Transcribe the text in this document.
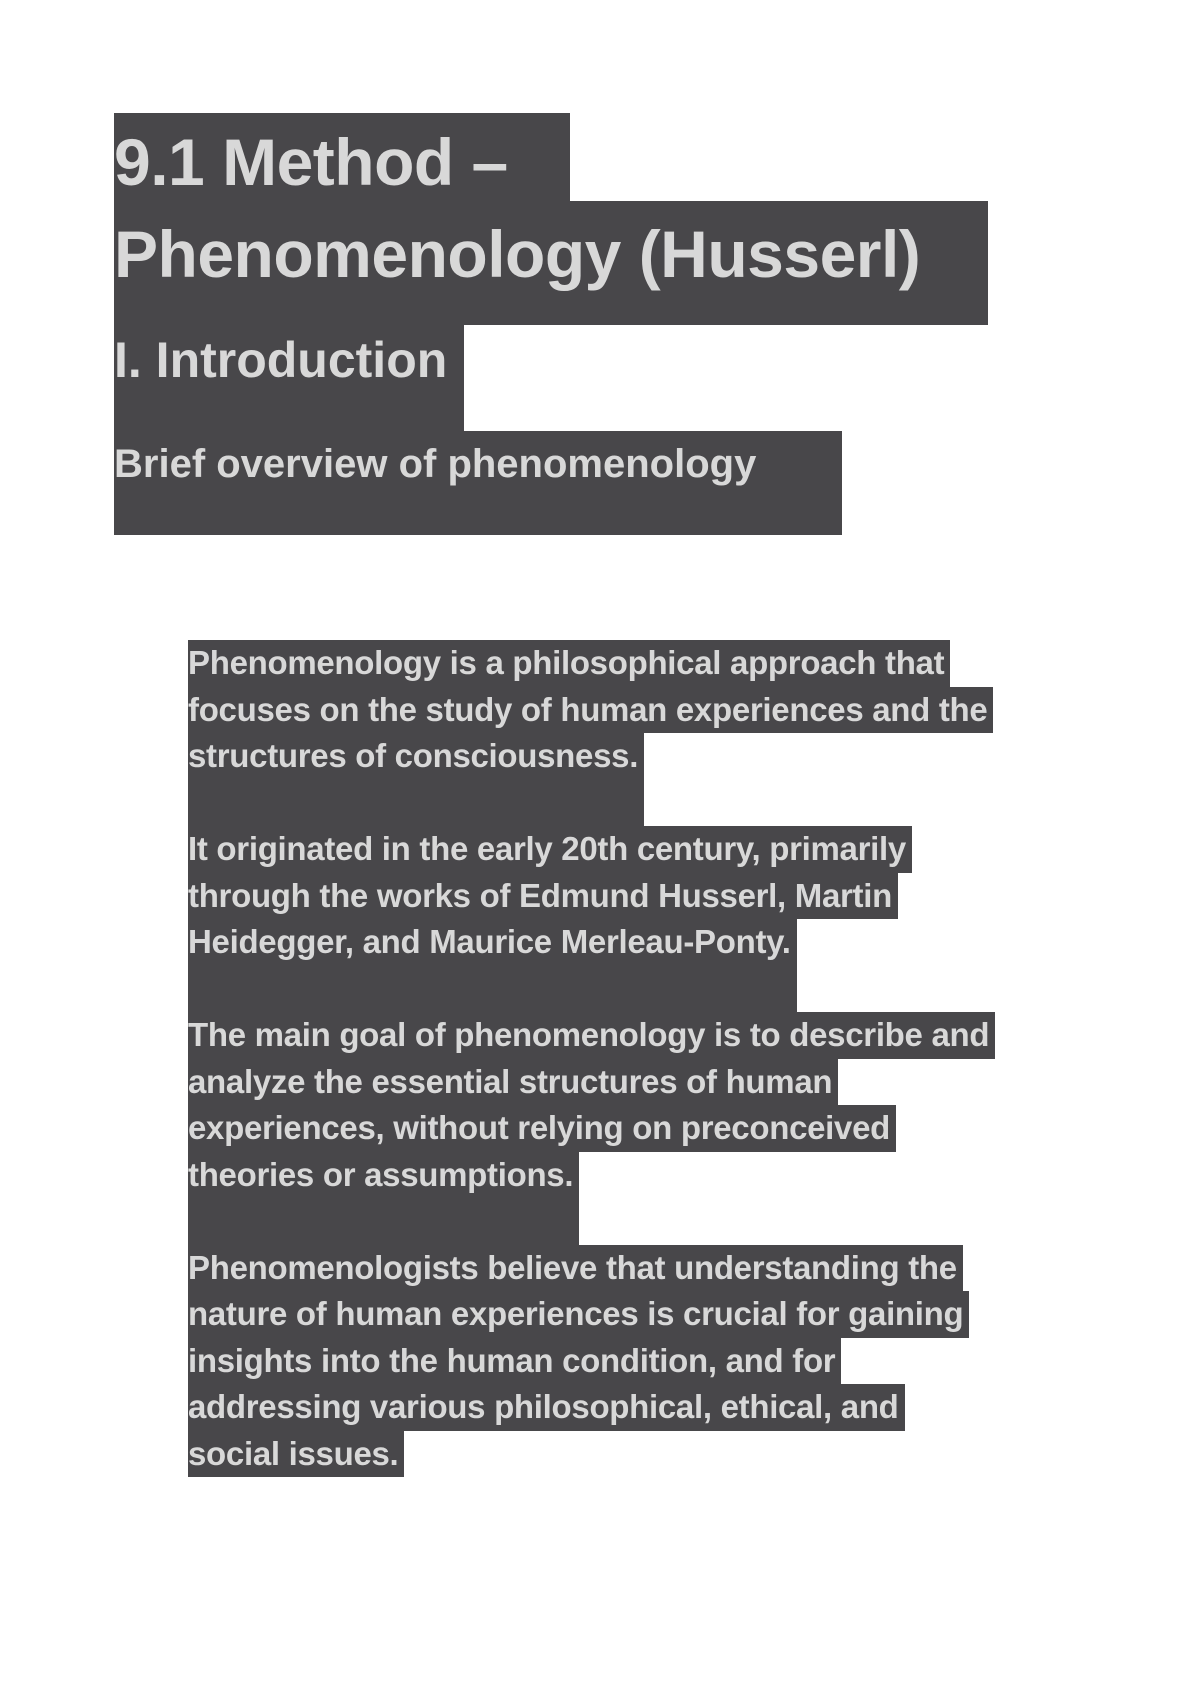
9.1 Method –
Phenomenology (Husserl)
I. Introduction
Brief overview of phenomenology

Phenomenology is a philosophical approach that
focuses on the study of human experiences and the
structures of consciousness.

It originated in the early 20th century, primarily
through the works of Edmund Husserl, Martin
Heidegger, and Maurice Merleau-Ponty.

The main goal of phenomenology is to describe and
analyze the essential structures of human
experiences, without relying on preconceived
theories or assumptions.

Phenomenologists believe that understanding the
nature of human experiences is crucial for gaining
insights into the human condition, and for
addressing various philosophical, ethical, and
social issues.
